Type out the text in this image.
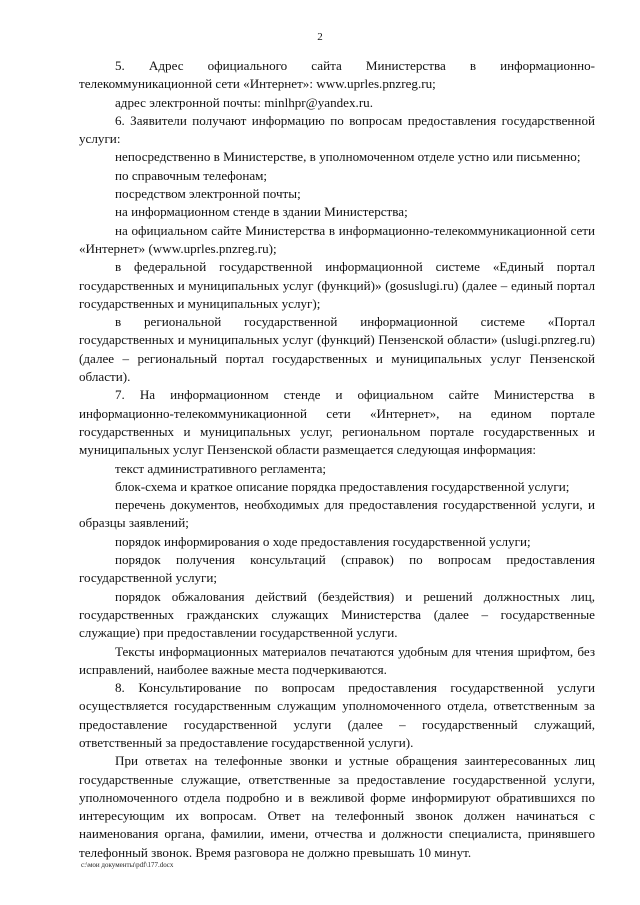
2

5. Адрес официального сайта Министерства в информационно-телекоммуникационной сети «Интернет»: www.uprles.pnzreg.ru;

адрес электронной почты: minlhpr@yandex.ru.

6. Заявители получают информацию по вопросам предоставления государственной услуги:

непосредственно в Министерстве, в уполномоченном отделе устно или письменно;

по справочным телефонам;

посредством электронной почты;

на информационном стенде в здании Министерства;

на официальном сайте Министерства в информационно-телекоммуникационной сети «Интернет» (www.uprles.pnzreg.ru);

в федеральной государственной информационной системе «Единый портал государственных и муниципальных услуг (функций)» (gosuslugi.ru) (далее – единый портал государственных и муниципальных услуг);

в региональной государственной информационной системе «Портал государственных и муниципальных услуг (функций) Пензенской области» (uslugi.pnzreg.ru) (далее – региональный портал государственных и муниципальных услуг Пензенской области).

7. На информационном стенде и официальном сайте Министерства в информационно-телекоммуникационной сети «Интернет», на едином портале государственных и муниципальных услуг, региональном портале государственных и муниципальных услуг Пензенской области размещается следующая информация:

текст административного регламента;

блок-схема и краткое описание порядка предоставления государственной услуги;

перечень документов, необходимых для предоставления государственной услуги, и образцы заявлений;

порядок информирования о ходе предоставления государственной услуги;

порядок получения консультаций (справок) по вопросам предоставления государственной услуги;

порядок обжалования действий (бездействия) и решений должностных лиц, государственных гражданских служащих Министерства (далее – государственные служащие) при предоставлении государственной услуги.

Тексты информационных материалов печатаются удобным для чтения шрифтом, без исправлений, наиболее важные места подчеркиваются.

8. Консультирование по вопросам предоставления государственной услуги осуществляется государственным служащим уполномоченного отдела, ответственным за предоставление государственной услуги (далее – государственный служащий, ответственный за предоставление государственной услуги).

При ответах на телефонные звонки и устные обращения заинтересованных лиц государственные служащие, ответственные за предоставление государственной услуги, уполномоченного отдела подробно и в вежливой форме информируют обратившихся по интересующим их вопросам. Ответ на телефонный звонок должен начинаться с наименования органа, фамилии, имени, отчества и должности специалиста, принявшего телефонный звонок. Время разговора не должно превышать 10 минут.

c:\мои документы\pdf\177.docx
